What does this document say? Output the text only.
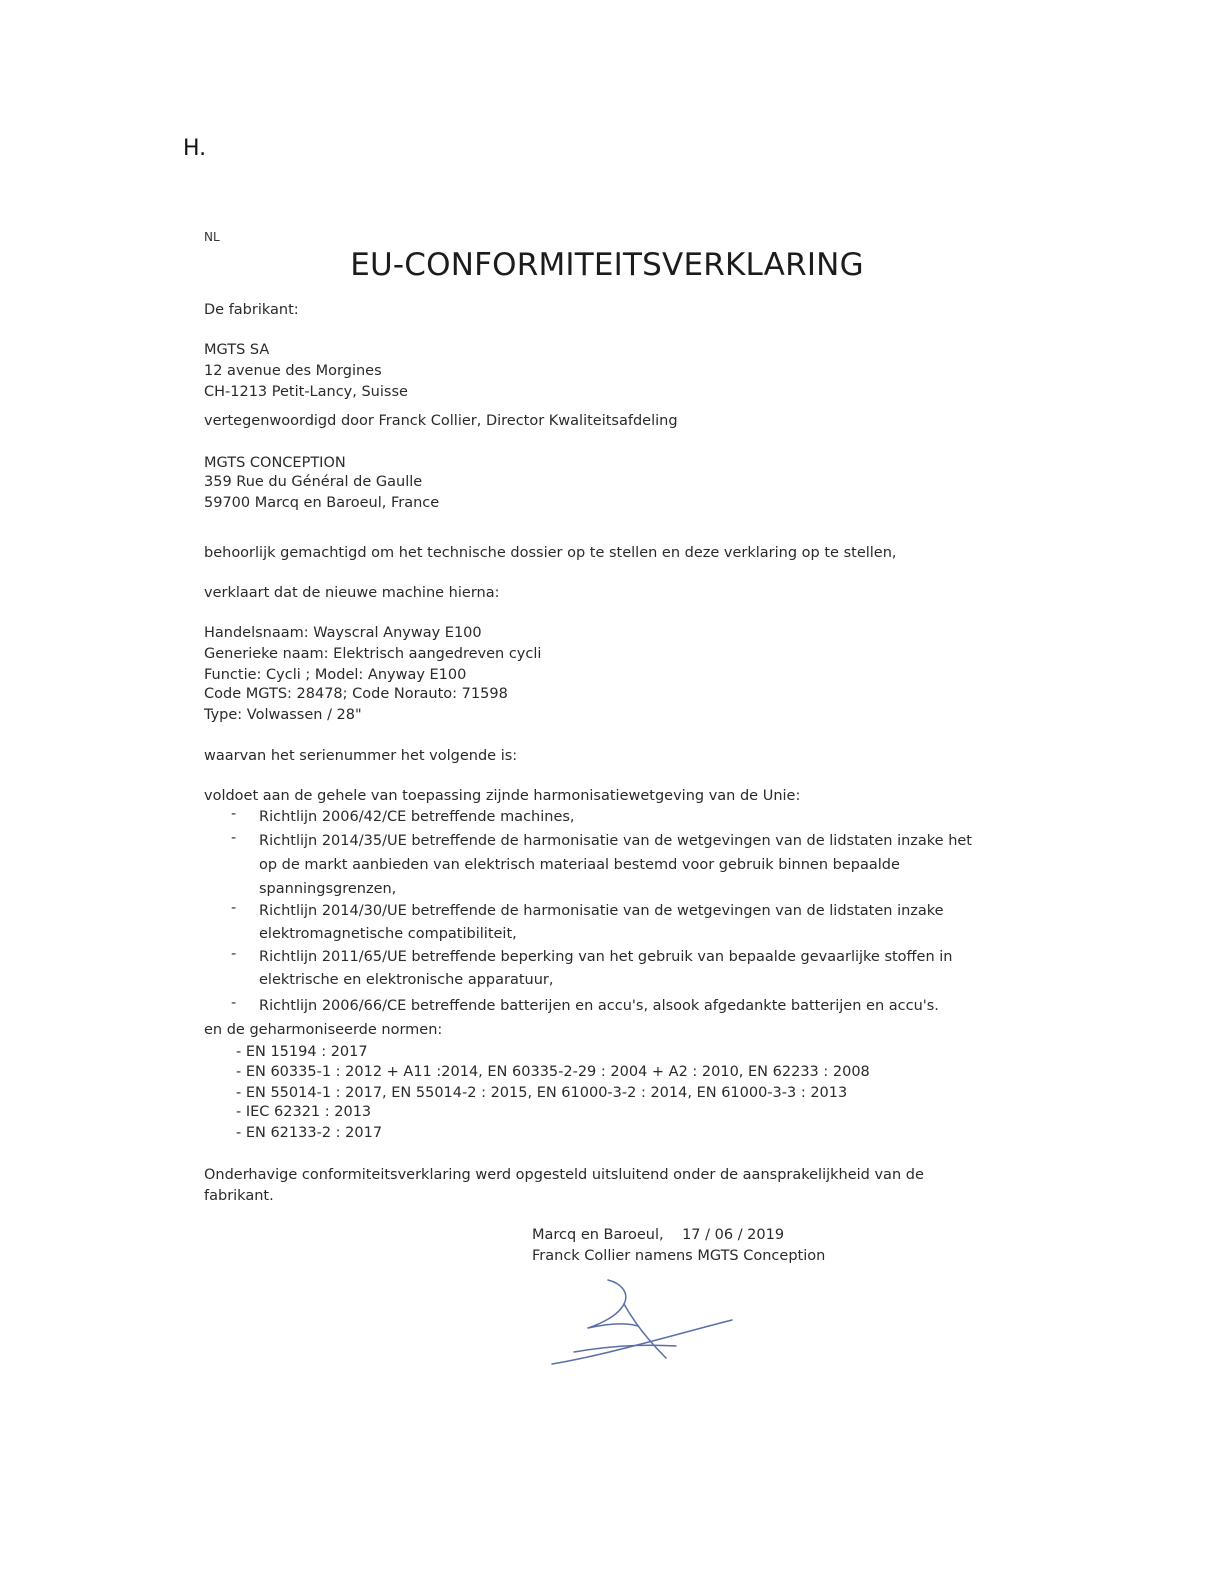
H.
NL
EU-CONFORMITEITSVERKLARING
De fabrikant:
MGTS SA
12 avenue des Morgines
CH-1213 Petit-Lancy, Suisse
vertegenwoordigd door Franck Collier, Director Kwaliteitsafdeling
MGTS CONCEPTION
359 Rue du Général de Gaulle
59700 Marcq en Baroeul, France
behoorlijk gemachtigd om het technische dossier op te stellen en deze verklaring op te stellen,
verklaart dat de nieuwe machine hierna:
Handelsnaam: Wayscral Anyway E100
Generieke naam: Elektrisch aangedreven cycli
Functie: Cycli ; Model: Anyway E100
Code MGTS: 28478; Code Norauto: 71598
Type: Volwassen / 28"
waarvan het serienummer het volgende is:
voldoet aan de gehele van toepassing zijnde harmonisatiewetgeving van de Unie:
-	Richtlijn 2006/42/CE betreffende machines,
-	Richtlijn 2014/35/UE betreffende de harmonisatie van de wetgevingen van de lidstaten inzake het
op de markt aanbieden van elektrisch materiaal bestemd voor gebruik binnen bepaalde
spanningsgrenzen,
-	Richtlijn 2014/30/UE betreffende de harmonisatie van de wetgevingen van de lidstaten inzake
elektromagnetische compatibiliteit,
-	Richtlijn 2011/65/UE betreffende beperking van het gebruik van bepaalde gevaarlijke stoffen in
elektrische en elektronische apparatuur,
-	Richtlijn 2006/66/CE betreffende batterijen en accu's, alsook afgedankte batterijen en accu's.
en de geharmoniseerde normen:
- EN 15194 : 2017
- EN 60335-1 : 2012 + A11 :2014, EN 60335-2-29 : 2004 + A2 : 2010, EN 62233 : 2008
- EN 55014-1 : 2017, EN 55014-2 : 2015, EN 61000-3-2 : 2014, EN 61000-3-3 : 2013
- IEC 62321 : 2013
- EN 62133-2 : 2017
Onderhavige conformiteitsverklaring werd opgesteld uitsluitend onder de aansprakelijkheid van de
fabrikant.
Marcq en Baroeul,    17 / 06 / 2019
Franck Collier namens MGTS Conception
